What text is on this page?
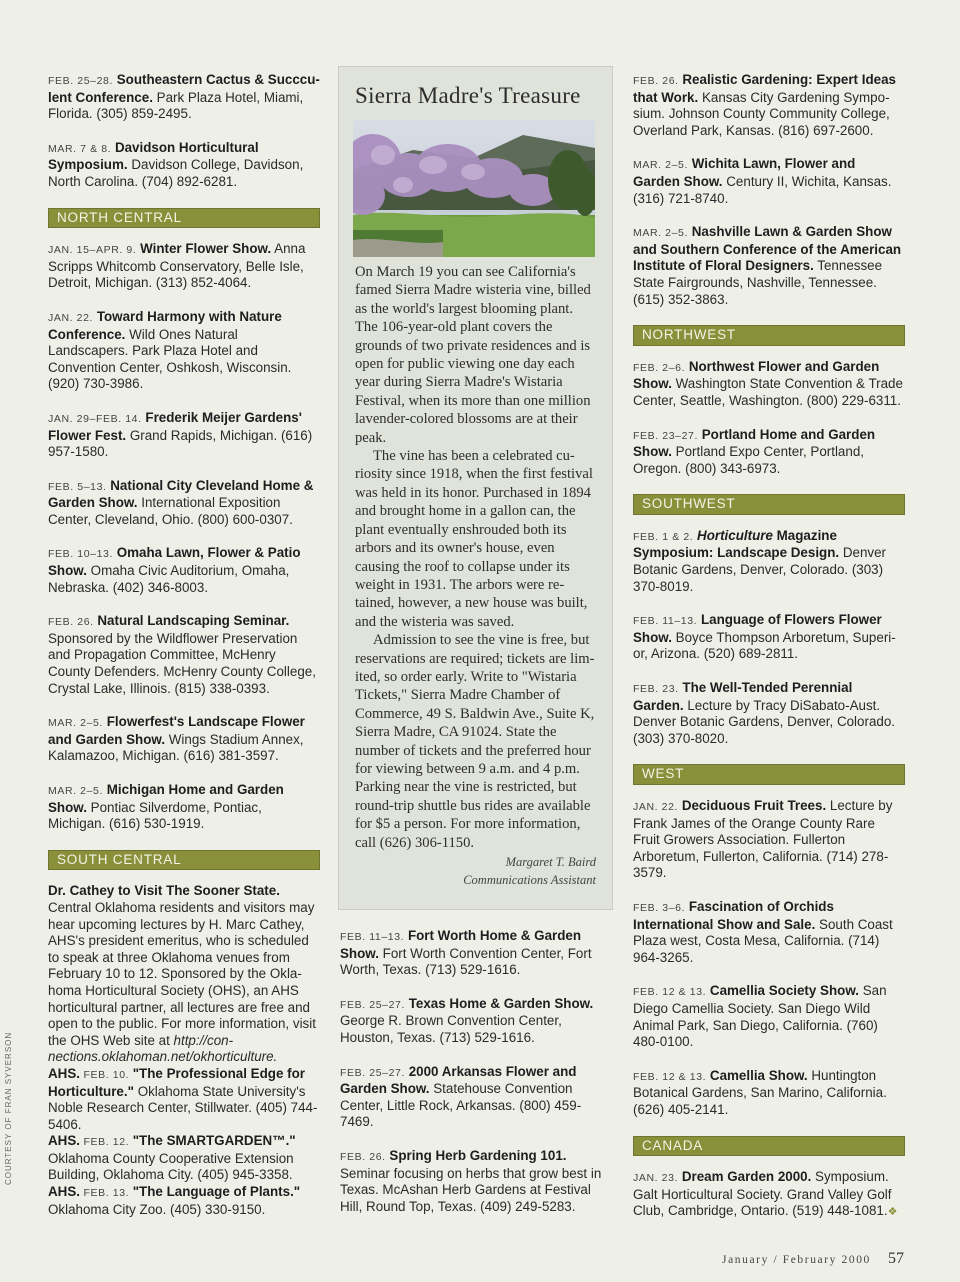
FEB. 25–28. Southeastern Cactus & Succculent Conference. Park Plaza Hotel, Miami, Florida. (305) 859-2495.
MAR. 7 & 8. Davidson Horticultural Symposium. Davidson College, Davidson, North Carolina. (704) 892-6281.
NORTH CENTRAL
JAN. 15–APR. 9. Winter Flower Show. Anna Scripps Whitcomb Conservatory, Belle Isle, Detroit, Michigan. (313) 852-4064.
JAN. 22. Toward Harmony with Nature Conference. Wild Ones Natural Landscapers. Park Plaza Hotel and Convention Center, Oshkosh, Wisconsin. (920) 730-3986.
JAN. 29–FEB. 14. Frederik Meijer Gardens' Flower Fest. Grand Rapids, Michigan. (616) 957-1580.
FEB. 5–13. National City Cleveland Home & Garden Show. International Exposition Center, Cleveland, Ohio. (800) 600-0307.
FEB. 10–13. Omaha Lawn, Flower & Patio Show. Omaha Civic Auditorium, Omaha, Nebraska. (402) 346-8003.
FEB. 26. Natural Landscaping Seminar. Sponsored by the Wildflower Preservation and Propagation Committee, McHenry County Defenders. McHenry County College, Crystal Lake, Illinois. (815) 338-0393.
MAR. 2–5. Flowerfest's Landscape Flower and Garden Show. Wings Stadium Annex, Kalamazoo, Michigan. (616) 381-3597.
MAR. 2–5. Michigan Home and Garden Show. Pontiac Silverdome, Pontiac, Michigan. (616) 530-1919.
SOUTH CENTRAL
Dr. Cathey to Visit The Sooner State. Central Oklahoma residents and visitors may hear upcoming lectures by H. Marc Cathey, AHS's president emeritus, who is scheduled to speak at three Oklahoma venues from February 10 to 12. Sponsored by the Oklahoma Horticultural Society (OHS), an AHS horticultural partner, all lectures are free and open to the public. For more information, visit the OHS Web site at http://connections.oklahoman.net/okhorticulture.
AHS. FEB. 10. "The Professional Edge for Horticulture." Oklahoma State University's Noble Research Center, Stillwater. (405) 744-5406.
AHS. FEB. 12. "The SMARTGARDEN™." Oklahoma County Cooperative Extension Building, Oklahoma City. (405) 945-3358.
AHS. FEB. 13. "The Language of Plants." Oklahoma City Zoo. (405) 330-9150.
Sierra Madre's Treasure

On March 19 you can see California's famed Sierra Madre wisteria vine, billed as the world's largest blooming plant. The 106-year-old plant covers the grounds of two private residences and is open for public viewing one day each year during Sierra Madre's Wistaria Festival, when its more than one million lavender-colored blossoms are at their peak.

The vine has been a celebrated curiosity since 1918, when the first festival was held in its honor. Purchased in 1894 and brought home in a gallon can, the plant eventually enshrouded both its arbors and its owner's house, even causing the roof to collapse under its weight in 1931. The arbors were retained, however, a new house was built, and the wisteria was saved.

Admission to see the vine is free, but reservations are required; tickets are limited, so order early. Write to "Wistaria Tickets," Sierra Madre Chamber of Commerce, 49 S. Baldwin Ave., Suite K, Sierra Madre, CA 91024. State the number of tickets and the preferred hour for viewing between 9 a.m. and 4 p.m. Parking near the vine is restricted, but round-trip shuttle bus rides are available for $5 a person. For more information, call (626) 306-1150.

Margaret T. Baird
Communications Assistant
FEB. 11–13. Fort Worth Home & Garden Show. Fort Worth Convention Center, Fort Worth, Texas. (713) 529-1616.
FEB. 25–27. Texas Home & Garden Show. George R. Brown Convention Center, Houston, Texas. (713) 529-1616.
FEB. 25–27. 2000 Arkansas Flower and Garden Show. Statehouse Convention Center, Little Rock, Arkansas. (800) 459-7469.
FEB. 26. Spring Herb Gardening 101. Seminar focusing on herbs that grow best in Texas. McAshan Herb Gardens at Festival Hill, Round Top, Texas. (409) 249-5283.
FEB. 26. Realistic Gardening: Expert Ideas that Work. Kansas City Gardening Symposium. Johnson County Community College, Overland Park, Kansas. (816) 697-2600.
MAR. 2–5. Wichita Lawn, Flower and Garden Show. Century II, Wichita, Kansas. (316) 721-8740.
MAR. 2–5. Nashville Lawn & Garden Show and Southern Conference of the American Institute of Floral Designers. Tennessee State Fairgrounds, Nashville, Tennessee. (615) 352-3863.
NORTHWEST
FEB. 2–6. Northwest Flower and Garden Show. Washington State Convention & Trade Center, Seattle, Washington. (800) 229-6311.
FEB. 23–27. Portland Home and Garden Show. Portland Expo Center, Portland, Oregon. (800) 343-6973.
SOUTHWEST
FEB. 1 & 2. Horticulture Magazine Symposium: Landscape Design. Denver Botanic Gardens, Denver, Colorado. (303) 370-8019.
FEB. 11–13. Language of Flowers Flower Show. Boyce Thompson Arboretum, Superior, Arizona. (520) 689-2811.
FEB. 23. The Well-Tended Perennial Garden. Lecture by Tracy DiSabato-Aust. Denver Botanic Gardens, Denver, Colorado. (303) 370-8020.
WEST
JAN. 22. Deciduous Fruit Trees. Lecture by Frank James of the Orange County Rare Fruit Growers Association. Fullerton Arboretum, Fullerton, California. (714) 278-3579.
FEB. 3–6. Fascination of Orchids International Show and Sale. South Coast Plaza west, Costa Mesa, California. (714) 964-3265.
FEB. 12 & 13. Camellia Society Show. San Diego Camellia Society. San Diego Wild Animal Park, San Diego, California. (760) 480-0100.
FEB. 12 & 13. Camellia Show. Huntington Botanical Gardens, San Marino, California. (626) 405-2141.
CANADA
JAN. 23. Dream Garden 2000. Symposium. Galt Horticultural Society. Grand Valley Golf Club, Cambridge, Ontario. (519) 448-1081.❖
COURTESY OF FRAN SYVERSON
January / February 2000 57
